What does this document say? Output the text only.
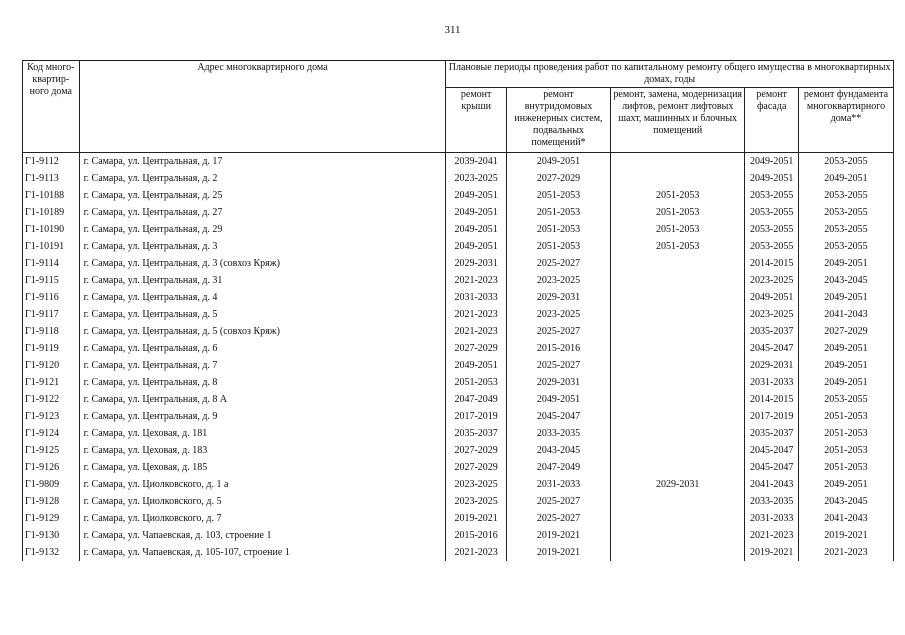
311
Код много-квартир-ного дома	Адрес многоквартирного дома	Плановые периоды проведения работ по капитальному ремонту общего имущества в многоквартирных домах, годы				
		ремонт крыши	ремонт внутридомовых инженерных систем, подвальных помещений*	ремонт, замена, модернизация лифтов, ремонт лифтовых шахт, машинных и блочных помещений	ремонт фасада	ремонт фундамента многоквартирного дома**
Г1-9112	г. Самара, ул. Центральная, д. 17	2039-2041	2049-2051		2049-2051	2053-2055
Г1-9113	г. Самара, ул. Центральная, д. 2	2023-2025	2027-2029		2049-2051	2049-2051
Г1-10188	г. Самара, ул. Центральная, д. 25	2049-2051	2051-2053	2051-2053	2053-2055	2053-2055
Г1-10189	г. Самара, ул. Центральная, д. 27	2049-2051	2051-2053	2051-2053	2053-2055	2053-2055
Г1-10190	г. Самара, ул. Центральная, д. 29	2049-2051	2051-2053	2051-2053	2053-2055	2053-2055
Г1-10191	г. Самара, ул. Центральная, д. 3	2049-2051	2051-2053	2051-2053	2053-2055	2053-2055
Г1-9114	г. Самара, ул. Центральная, д. 3 (совхоз Кряж)	2029-2031	2025-2027		2014-2015	2049-2051
Г1-9115	г. Самара, ул. Центральная, д. 31	2021-2023	2023-2025		2023-2025	2043-2045
Г1-9116	г. Самара, ул. Центральная, д. 4	2031-2033	2029-2031		2049-2051	2049-2051
Г1-9117	г. Самара, ул. Центральная, д. 5	2021-2023	2023-2025		2023-2025	2041-2043
Г1-9118	г. Самара, ул. Центральная, д. 5 (совхоз Кряж)	2021-2023	2025-2027		2035-2037	2027-2029
Г1-9119	г. Самара, ул. Центральная, д. 6	2027-2029	2015-2016		2045-2047	2049-2051
Г1-9120	г. Самара, ул. Центральная, д. 7	2049-2051	2025-2027		2029-2031	2049-2051
Г1-9121	г. Самара, ул. Центральная, д. 8	2051-2053	2029-2031		2031-2033	2049-2051
Г1-9122	г. Самара, ул. Центральная, д. 8 А	2047-2049	2049-2051		2014-2015	2053-2055
Г1-9123	г. Самара, ул. Центральная, д. 9	2017-2019	2045-2047		2017-2019	2051-2053
Г1-9124	г. Самара, ул. Цеховая, д. 181	2035-2037	2033-2035		2035-2037	2051-2053
Г1-9125	г. Самара, ул. Цеховая, д. 183	2027-2029	2043-2045		2045-2047	2051-2053
Г1-9126	г. Самара, ул. Цеховая, д. 185	2027-2029	2047-2049		2045-2047	2051-2053
Г1-9809	г. Самара, ул. Циолковского, д. 1 а	2023-2025	2031-2033	2029-2031	2041-2043	2049-2051
Г1-9128	г. Самара, ул. Циолковского, д. 5	2023-2025	2025-2027		2033-2035	2043-2045
Г1-9129	г. Самара, ул. Циолковского, д. 7	2019-2021	2025-2027		2031-2033	2041-2043
Г1-9130	г. Самара, ул. Чапаевская, д. 103, строение 1	2015-2016	2019-2021		2021-2023	2019-2021
Г1-9132	г. Самара, ул. Чапаевская, д. 105-107, строение 1	2021-2023	2019-2021		2019-2021	2021-2023
